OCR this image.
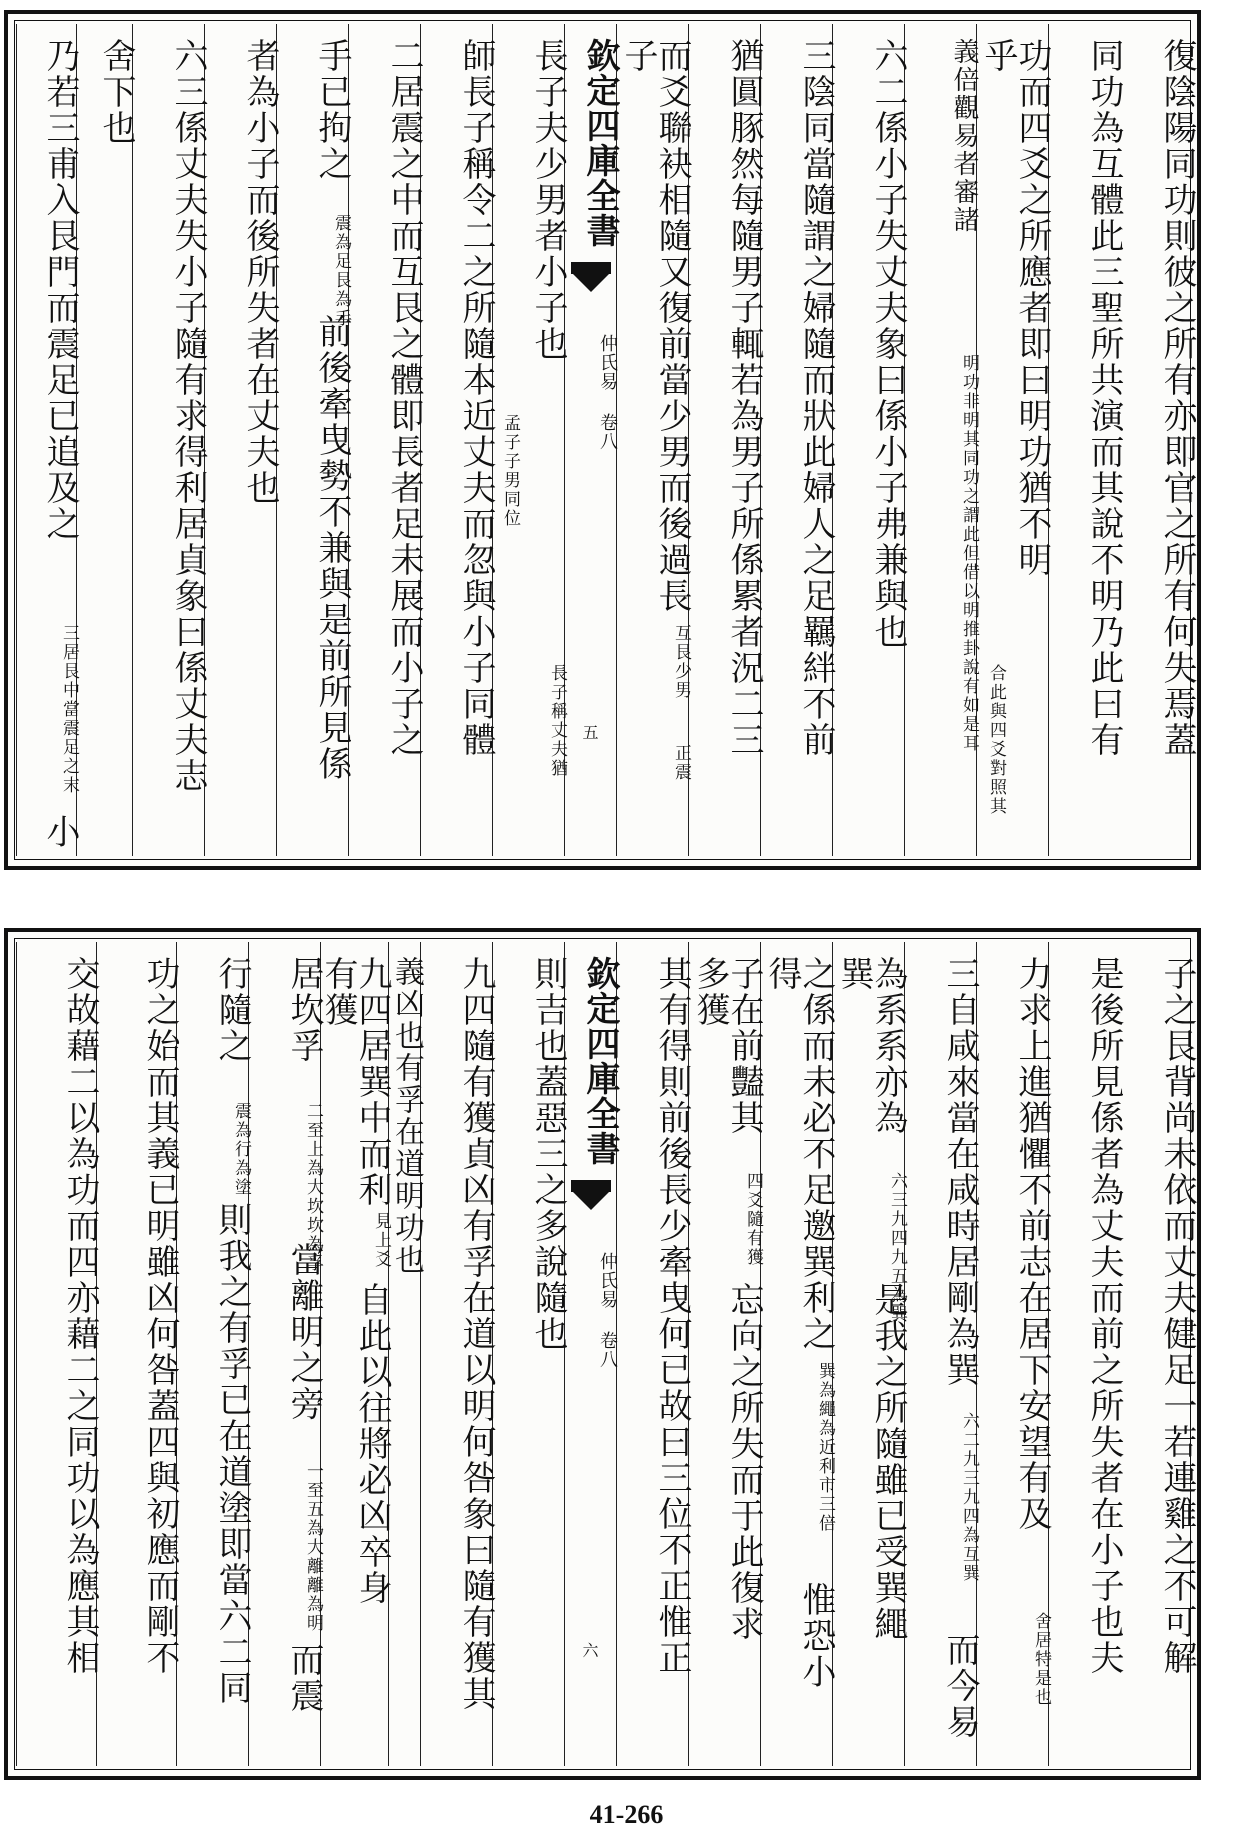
復陰陽同功則彼之所有亦即官之所有何失焉蓋
同功為互體此三聖所共演而其說不明乃此曰有
功而四爻之所應者即曰明功猶不明乎
合此與四爻對照其
義倍觀易者審諸
明功非明其同功之謂此但借以明推卦說有如是耳
六二係小子失丈夫象曰係小子弗兼與也
三陰同當隨謂之婦隨而狀此婦人之足羈絆不前
猶圓豚然每隨男子輒若為男子所係累者況二三
而爻聯袂相隨又復前當少男而後過長子
互艮少男
正震
欽定四庫全書
仲氏易 卷八
五
長子夫少男者小子也
孟子子男同位
長子稱丈夫猶
師長子稱令二之所隨本近丈夫而忽與小子同體
二居震之中而互艮之體即長者足未展而小子之
手已拘之
震為足艮為手
前後牽曳勢不兼與是前所見係
者為小子而後所失者在丈夫也
六三係丈夫失小子隨有求得利居貞象曰係丈夫志
舍下也
乃若三甫入艮門而震足已追及之
三居艮中當震足之末
小
子之艮背尚未依而丈夫健足一若連雞之不可解
是後所見係者為丈夫而前之所失者在小子也夫
力求上進猶懼不前志在居下安望有及
舍居特是也
三自咸來當在咸時居剛為巽
六二九三九四為互巽
而今易
為系系亦為巽
六三九四九五為巽
是我之所隨雖已受巽繩
之係而未必不足邀巽利之得
巽為繩為近利市三倍
惟恐小
子在前豔其多獲
四爻隨有獲
忘向之所失而于此復求
其有得則前後長少牽曳何已故曰三位不正惟正
欽定四庫全書
仲氏易 卷八
六
則吉也蓋惡三之多說隨也
九四隨有獲貞凶有孚在道以明何咎象曰隨有獲其
義凶也有孚在道明功也
九四居巽中而利有獲
見上爻
自此以往將必凶卒身
居坎孚
二至上為大坎坎為孚
當離明之旁
一至五為大離離為明
而震
行隨之
震為行為塗
則我之有孚已在道塗即當六二同
功之始而其義已明雖凶何咎蓋四與初應而剛不
交故藉二以為功而四亦藉二之同功以為應其相
41-266
